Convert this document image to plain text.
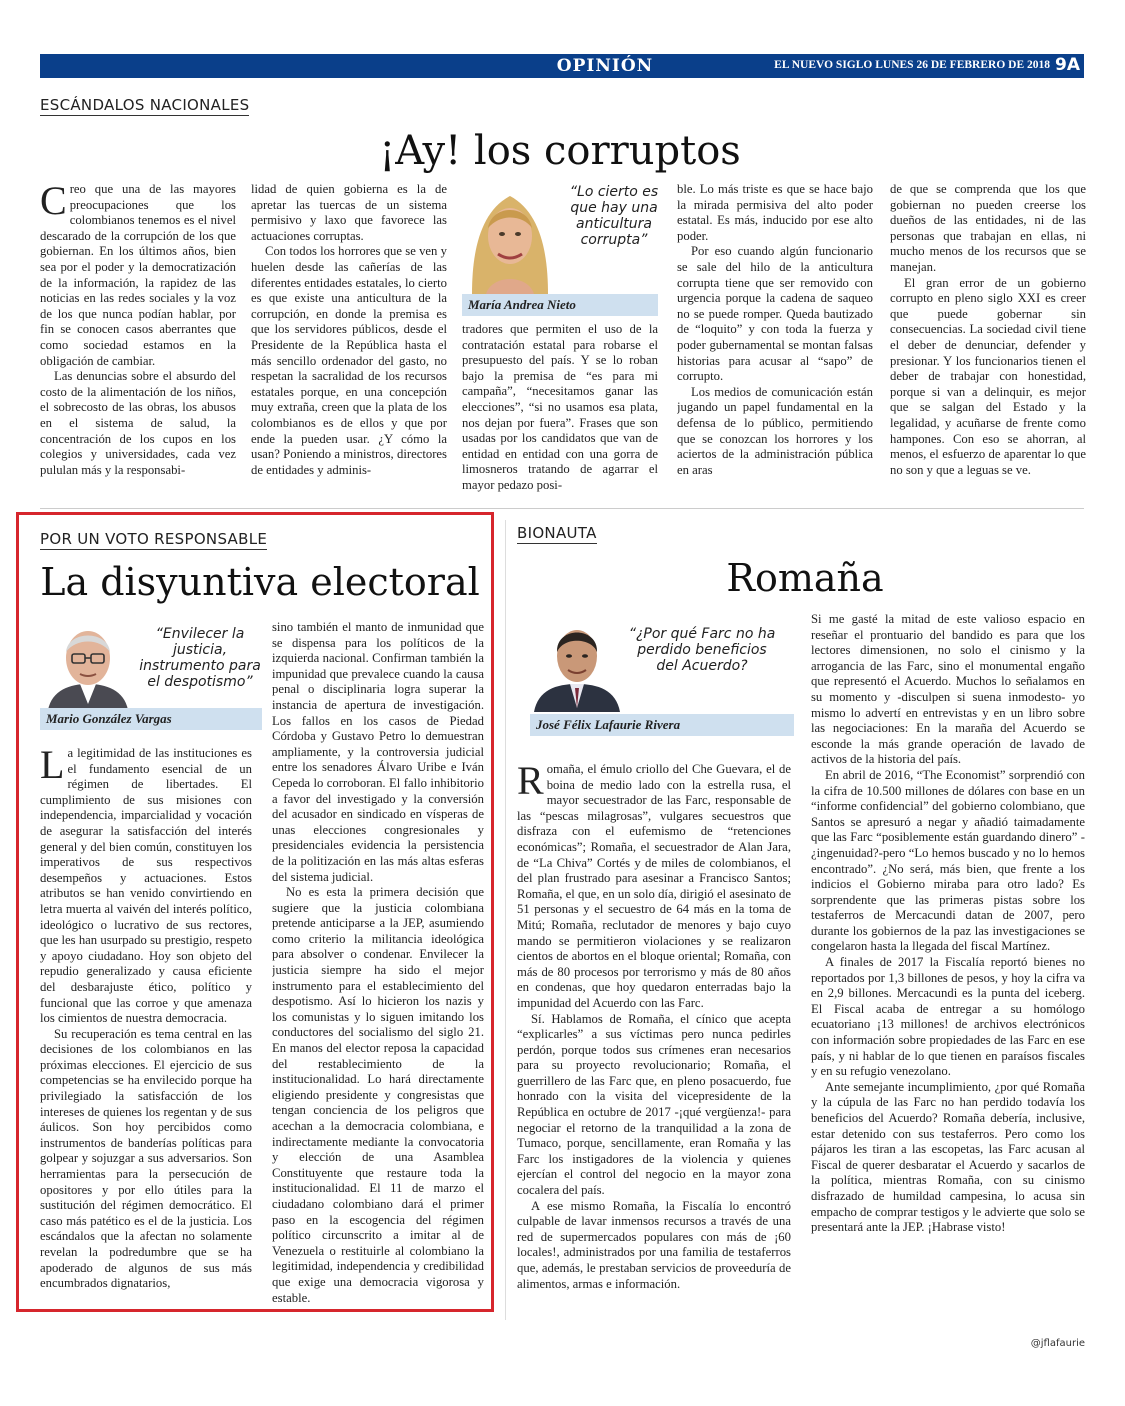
OPINIÓN	EL NUEVO SIGLO LUNES 26 DE FEBRERO DE 2018 9A
ESCÁNDALOS NACIONALES
¡Ay! los corruptos

Creo que una de las mayores preocupaciones que los colombianos tenemos es el nivel descarado de la corrupción de los que gobiernan. En los últimos años, bien sea por el poder y la democratización de la información, la rapidez de las noticias en las redes sociales y la voz de los que nunca podían hablar, por fin se conocen casos aberrantes que como sociedad estamos en la obligación de cambiar.

Las denuncias sobre el absurdo del costo de la alimentación de los niños, el sobrecosto de las obras, los abusos en el sistema de salud, la concentración de los cupos en los colegios y universidades, cada vez pululan más y la responsabi-

lidad de quien gobierna es la de apretar las tuercas de un sistema permisivo y laxo que favorece las actuaciones corruptas.

Con todos los horrores que se ven y huelen desde las cañerías de las diferentes entidades estatales, lo cierto es que existe una anticultura de la corrupción, en donde la premisa es que los servidores públicos, desde el Presidente de la República hasta el más sencillo ordenador del gasto, no respetan la sacralidad de los recursos estatales porque, en una concepción muy extraña, creen que la plata de los colombianos es de ellos y que por ende la pueden usar. ¿Y cómo la usan? Poniendo a ministros, directores de entidades y adminis-

“Lo cierto es que hay una anticultura corrupta”
María Andrea Nieto

tradores que permiten el uso de la contratación estatal para robarse el presupuesto del país. Y se lo roban bajo la premisa de “es para mi campaña”, “necesitamos ganar las elecciones”, “si no usamos esa plata, nos dejan por fuera”. Frases que son usadas por los candidatos que van de entidad en entidad con una gorra de limosneros tratando de agarrar el mayor pedazo posi-

ble. Lo más triste es que se hace bajo la mirada permisiva del alto poder estatal. Es más, inducido por ese alto poder.

Por eso cuando algún funcionario se sale del hilo de la anticultura corrupta tiene que ser removido con urgencia porque la cadena de saqueo no se puede romper. Queda bautizado de “loquito” y con toda la fuerza y poder gubernamental se montan falsas historias para acusar al “sapo” de corrupto.

Los medios de comunicación están jugando un papel fundamental en la defensa de lo público, permitiendo que se conozcan los horrores y los aciertos de la administración pública en aras

de que se comprenda que los que gobiernan no pueden creerse los dueños de las entidades, ni de las personas que trabajan en ellas, ni mucho menos de los recursos que se manejan.

El gran error de un gobierno corrupto en pleno siglo XXI es creer que puede gobernar sin consecuencias. La sociedad civil tiene el deber de denunciar, defender y presionar. Y los funcionarios tienen el deber de trabajar con honestidad, porque si van a delinquir, es mejor que se salgan del Estado y la legalidad, y acuñarse de frente como hampones. Con eso se ahorran, al menos, el esfuerzo de aparentar lo que no son y que a leguas se ve.

POR UN VOTO RESPONSABLE
La disyuntiva electoral
“Envilecer la justicia, instrumento para el despotismo”
Mario González Vargas

La legitimidad de las instituciones es el fundamento esencial de un régimen de libertades. El cumplimiento de sus misiones con independencia, imparcialidad y vocación de asegurar la satisfacción del interés general y del bien común, constituyen los imperativos de sus respectivos desempeños y actuaciones. Estos atributos se han venido convirtiendo en letra muerta al vaivén del interés político, ideológico o lucrativo de sus rectores, que les han usurpado su prestigio, respeto y apoyo ciudadano. Hoy son objeto del repudio generalizado y causa eficiente del desbarajuste ético, político y funcional que las corroe y que amenaza los cimientos de nuestra democracia.

Su recuperación es tema central en las decisiones de los colombianos en las próximas elecciones. El ejercicio de sus competencias se ha envilecido porque ha privilegiado la satisfacción de los intereses de quienes los regentan y de sus áulicos. Son hoy percibidos como instrumentos de banderías políticas para golpear y sojuzgar a sus adversarios. Son herramientas para la persecución de opositores y por ello útiles para la sustitución del régimen democrático. El caso más patético es el de la justicia. Los escándalos que la afectan no solamente revelan la podredumbre que se ha apoderado de algunos de sus más encumbrados dignatarios,

sino también el manto de inmunidad que se dispensa para los políticos de la izquierda nacional. Confirman también la impunidad que prevalece cuando la causa penal o disciplinaria logra superar la instancia de apertura de investigación. Los fallos en los casos de Piedad Córdoba y Gustavo Petro lo demuestran ampliamente, y la controversia judicial entre los senadores Álvaro Uribe e Iván Cepeda lo corroboran. El fallo inhibitorio a favor del investigado y la conversión del acusador en sindicado en vísperas de unas elecciones congresionales y presidenciales evidencia la persistencia de la politización en las más altas esferas del sistema judicial.

No es esta la primera decisión que sugiere que la justicia colombiana pretende anticiparse a la JEP, asumiendo como criterio la militancia ideológica para absolver o condenar. Envilecer la justicia siempre ha sido el mejor instrumento para el establecimiento del despotismo. Así lo hicieron los nazis y los comunistas y lo siguen imitando los conductores del socialismo del siglo 21. En manos del elector reposa la capacidad del restablecimiento de la institucionalidad. Lo hará directamente eligiendo presidente y congresistas que tengan conciencia de los peligros que acechan a la democracia colombiana, e indirectamente mediante la convocatoria y elección de una Asamblea Constituyente que restaure toda la institucionalidad. El 11 de marzo el ciudadano colombiano dará el primer paso en la escogencia del régimen político circunscrito a imitar al de Venezuela o restituirle al colombiano la legitimidad, independencia y credibilidad que exige una democracia vigorosa y estable.

BIONAUTA
Romaña
“¿Por qué Farc no ha perdido beneficios del Acuerdo?
José Félix Lafaurie Rivera

Romaña, el émulo criollo del Che Guevara, el de boina de medio lado con la estrella rusa, el mayor secuestrador de las Farc, responsable de las “pescas milagrosas”, vulgares secuestros que disfraza con el eufemismo de “retenciones económicas”; Romaña, el secuestrador de Alan Jara, de “La Chiva” Cortés y de miles de colombianos, el del plan frustrado para asesinar a Francisco Santos; Romaña, el que, en un solo día, dirigió el asesinato de 51 personas y el secuestro de 64 más en la toma de Mitú; Romaña, reclutador de menores y bajo cuyo mando se permitieron violaciones y se realizaron cientos de abortos en el bloque oriental; Romaña, con más de 80 procesos por terrorismo y más de 80 años en condenas, que hoy quedaron enterradas bajo la impunidad del Acuerdo con las Farc.

Sí. Hablamos de Romaña, el cínico que acepta “explicarles” a sus víctimas pero nunca pedirles perdón, porque todos sus crímenes eran necesarios para su proyecto revolucionario; Romaña, el guerrillero de las Farc que, en pleno posacuerdo, fue honrado con la visita del vicepresidente de la República en octubre de 2017 -¡qué vergüenza!- para negociar el retorno de la tranquilidad a la zona de Tumaco, porque, sencillamente, eran Romaña y las Farc los instigadores de la violencia y quienes ejercían el control del negocio en la mayor zona cocalera del país.

A ese mismo Romaña, la Fiscalía lo encontró culpable de lavar inmensos recursos a través de una red de supermercados populares con más de ¡60 locales!, administrados por una familia de testaferros que, además, le prestaban servicios de proveeduría de alimentos, armas e información.

Si me gasté la mitad de este valioso espacio en reseñar el prontuario del bandido es para que los lectores dimensionen, no solo el cinismo y la arrogancia de las Farc, sino el monumental engaño que representó el Acuerdo. Muchos lo señalamos en su momento y -disculpen si suena inmodesto- yo mismo lo advertí en entrevistas y en un libro sobre las negociaciones: En la maraña del Acuerdo se esconde la más grande operación de lavado de activos de la historia del país.

En abril de 2016, “The Economist” sorprendió con la cifra de 10.500 millones de dólares con base en un “informe confidencial” del gobierno colombiano, que Santos se apresuró a negar y añadió taimadamente que las Farc “posiblemente están guardando dinero” -¿ingenuidad?-pero “Lo hemos buscado y no lo hemos encontrado”. ¿No será, más bien, que frente a los indicios el Gobierno miraba para otro lado? Es sorprendente que las primeras pistas sobre los testaferros de Mercacundi datan de 2007, pero durante los gobiernos de la paz las investigaciones se congelaron hasta la llegada del fiscal Martínez.

A finales de 2017 la Fiscalía reportó bienes no reportados por 1,3 billones de pesos, y hoy la cifra va en 2,9 billones. Mercacundi es la punta del iceberg. El Fiscal acaba de entregar a su homólogo ecuatoriano ¡13 millones! de archivos electrónicos con información sobre propiedades de las Farc en ese país, y ni hablar de lo que tienen en paraísos fiscales y en su refugio venezolano.

Ante semejante incumplimiento, ¿por qué Romaña y la cúpula de las Farc no han perdido todavía los beneficios del Acuerdo? Romaña debería, inclusive, estar detenido con sus testaferros. Pero como los pájaros les tiran a las escopetas, las Farc acusan al Fiscal de querer desbaratar el Acuerdo y sacarlos de la política, mientras Romaña, con su cinismo disfrazado de humildad campesina, lo acusa sin empacho de comprar testigos y le advierte que solo se presentará ante la JEP. ¡Habrase visto!

@jflafaurie
